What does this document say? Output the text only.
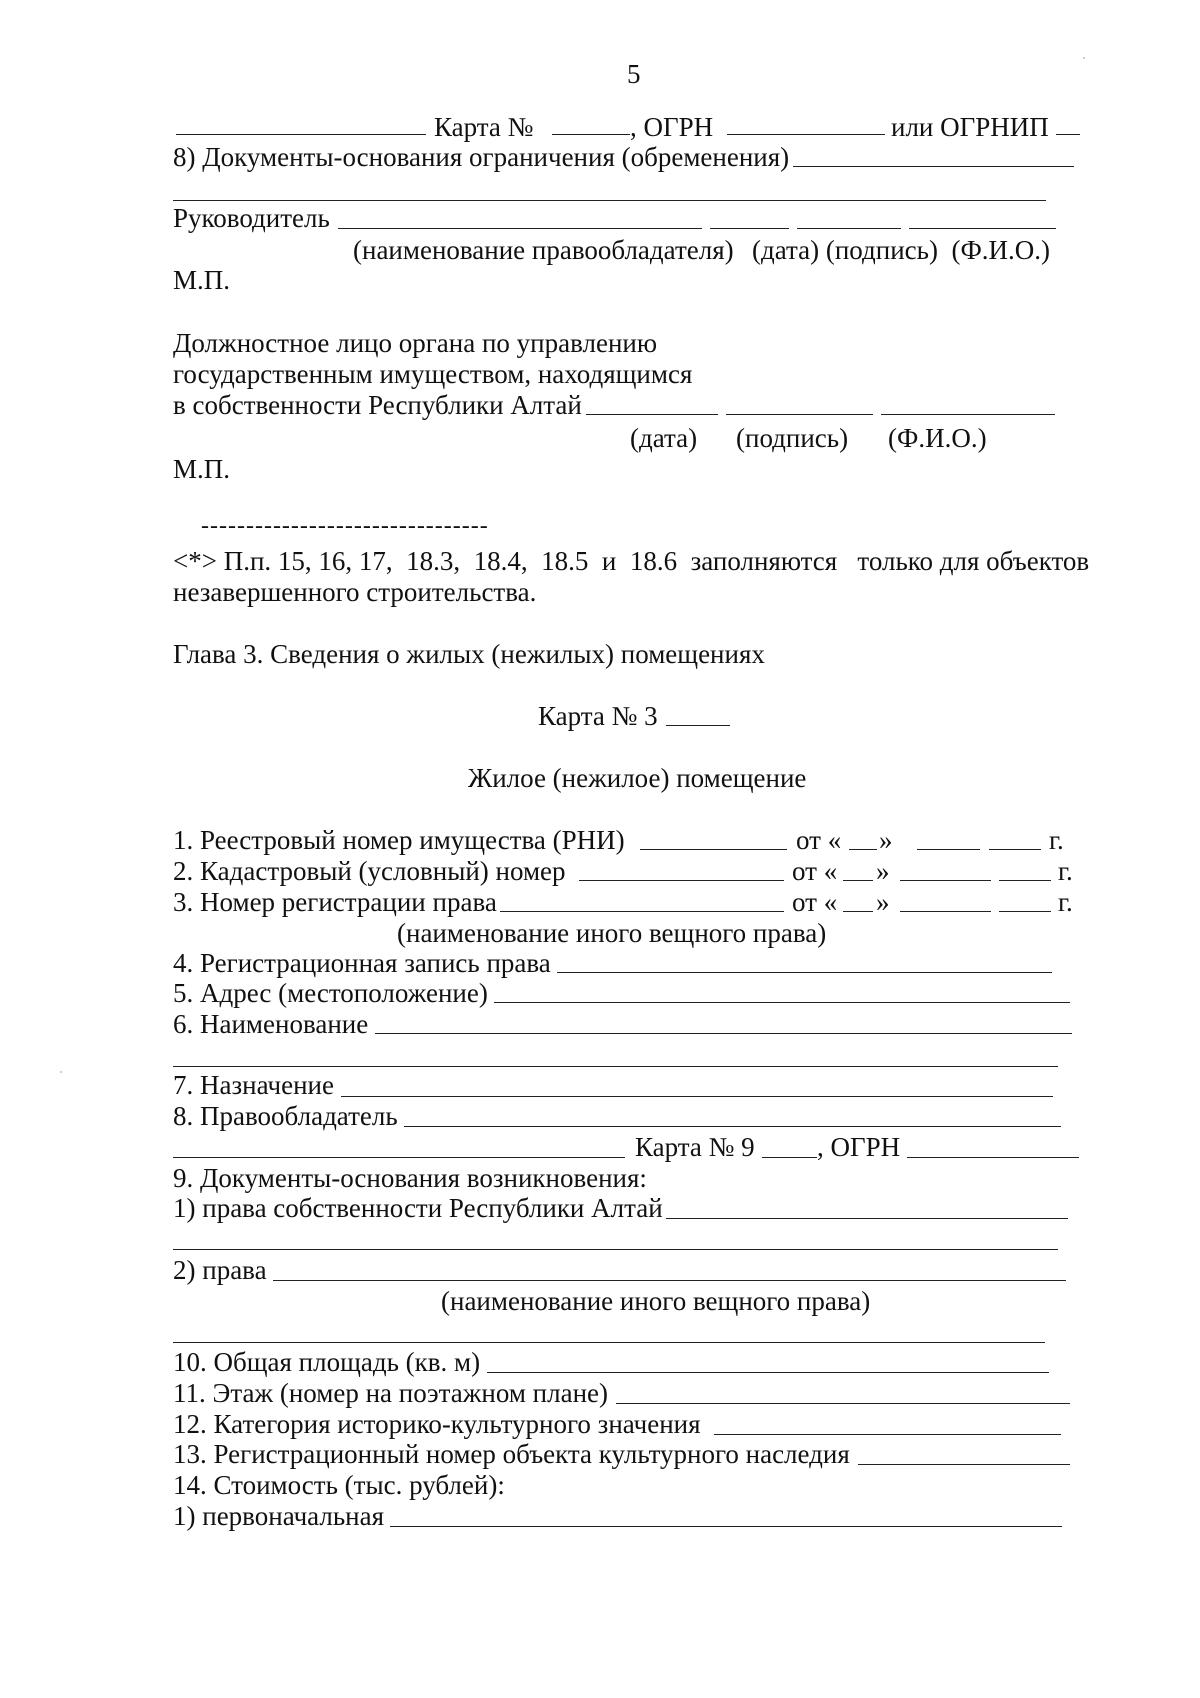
5
Карта №	, ОГРН	или ОГРНИП
8) Документы-основания ограничения (обременения)
Руководитель
(наименование правообладателя) (дата) (подпись)  (Ф.И.О.)
М.П.
Должностное лицо органа по управлению
государственным имуществом, находящимся
в собственности Республики Алтай
(дата) (подпись) (Ф.И.О.)
М.П.
--------------------------------
<*> П.п. 15, 16, 17,  18.3,  18.4,  18.5  и  18.6  заполняются   только для объектов
незавершенного строительства.
Глава 3. Сведения о жилых (нежилых) помещениях
Карта № 3
Жилое (нежилое) помещение
1. Реестровый номер имущества (РНИ)	от « »	г.
2. Кадастровый (условный) номер	от « »	г.
3. Номер регистрации права	от « »	г.
(наименование иного вещного права)
4. Регистрационная запись права
5. Адрес (местоположение)
6. Наименование
7. Назначение
8. Правообладатель
Карта № 9 , ОГРН
9. Документы-основания возникновения:
1) права собственности Республики Алтай
2) права
(наименование иного вещного права)
10. Общая площадь (кв. м)
11. Этаж (номер на поэтажном плане)
12. Категория историко-культурного значения
13. Регистрационный номер объекта культурного наследия
14. Стоимость (тыс. рублей):
1) первоначальная
